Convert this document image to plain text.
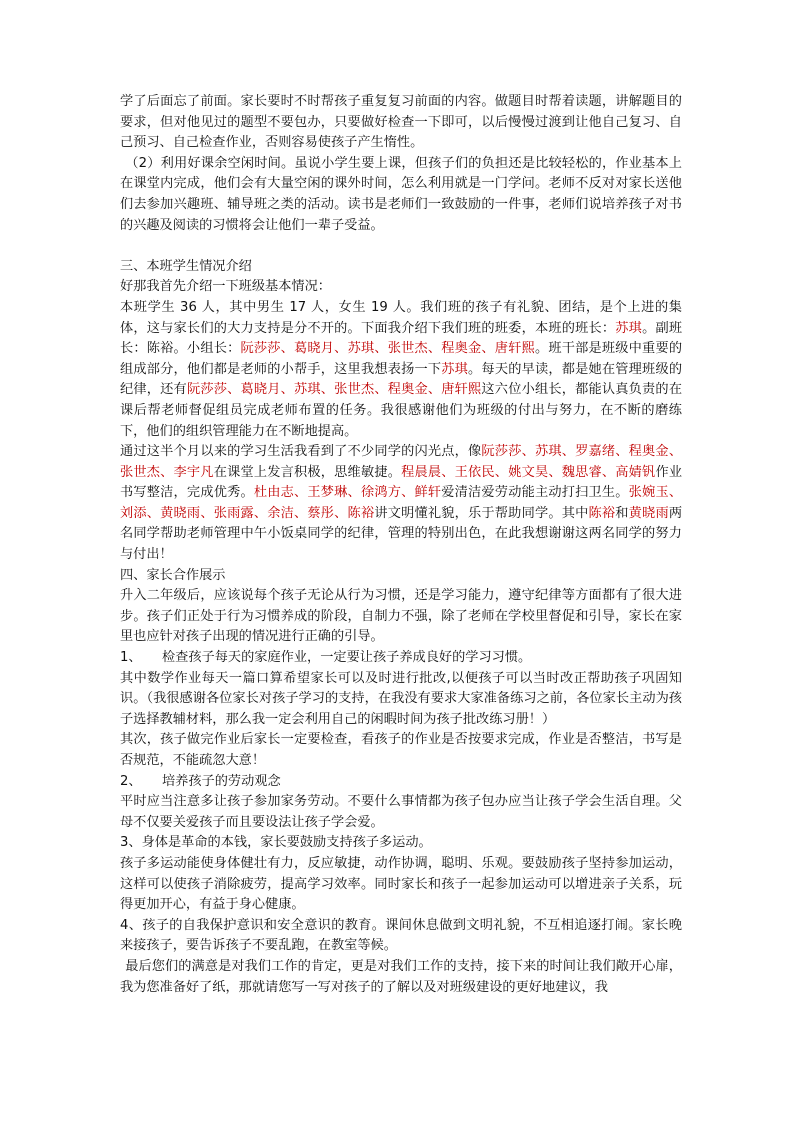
学了后面忘了前面。家长要时不时帮孩子重复复习前面的内容。做题目时帮着读题，讲解题目的要求，但对他见过的题型不要包办，只要做好检查一下即可，以后慢慢过渡到让他自己复习、自己预习、自己检查作业，否则容易使孩子产生惰性。

（2）利用好课余空闲时间。虽说小学生要上课，但孩子们的负担还是比较轻松的，作业基本上在课堂内完成，他们会有大量空闲的课外时间，怎么利用就是一门学问。老师不反对对家长送他们去参加兴趣班、辅导班之类的活动。读书是老师们一致鼓励的一件事，老师们说培养孩子对书的兴趣及阅读的习惯将会让他们一辈子受益。

三、本班学生情况介绍

好那我首先介绍一下班级基本情况：

本班学生 36 人，其中男生 17 人，女生 19 人。我们班的孩子有礼貌、团结，是个上进的集体，这与家长们的大力支持是分不开的。下面我介绍下我们班的班委，本班的班长：苏琪。副班长：陈裕。小组长：阮莎莎、葛晓月、苏琪、张世杰、程奥金、唐轩熙。班干部是班级中重要的组成部分，他们都是老师的小帮手，这里我想表扬一下苏琪。每天的早读，都是她在管理班级的纪律，还有阮莎莎、葛晓月、苏琪、张世杰、程奥金、唐轩熙这六位小组长，都能认真负责的在课后帮老师督促组员完成老师布置的任务。我很感谢他们为班级的付出与努力，在不断的磨练下，他们的组织管理能力在不断地提高。

通过这半个月以来的学习生活我看到了不少同学的闪光点，像阮莎莎、苏琪、罗嘉绪、程奥金、张世杰、李宇凡在课堂上发言积极，思维敏捷。程晨晨、王依民、姚文昊、魏思睿、高婧钒作业书写整洁，完成优秀。杜由志、王梦琳、徐鸿方、鲜轩爱清洁爱劳动能主动打扫卫生。张婉玉、刘添、黄晓雨、张雨露、余洁、蔡彤、陈裕讲文明懂礼貌，乐于帮助同学。其中陈裕和黄晓雨两名同学帮助老师管理中午小饭桌同学的纪律，管理的特别出色，在此我想谢谢这两名同学的努力与付出！

四、家长合作展示

升入二年级后，应该说每个孩子无论从行为习惯，还是学习能力，遵守纪律等方面都有了很大进步。孩子们正处于行为习惯养成的阶段，自制力不强，除了老师在学校里督促和引导，家长在家里也应针对孩子出现的情况进行正确的引导。

1、 检查孩子每天的家庭作业，一定要让孩子养成良好的学习习惯。

其中数学作业每天一篇口算希望家长可以及时进行批改,以便孩子可以当时改正帮助孩子巩固知识。（我很感谢各位家长对孩子学习的支持，在我没有要求大家准备练习之前，各位家长主动为孩子选择教辅材料，那么我一定会利用自己的闲暇时间为孩子批改练习册！）

其次，孩子做完作业后家长一定要检查，看孩子的作业是否按要求完成，作业是否整洁，书写是否规范，不能疏忽大意！

2、 培养孩子的劳动观念

平时应当注意多让孩子参加家务劳动。不要什么事情都为孩子包办应当让孩子学会生活自理。父母不仅要关爱孩子而且要设法让孩子学会爱。

3、身体是革命的本钱，家长要鼓励支持孩子多运动。

孩子多运动能使身体健壮有力，反应敏捷，动作协调，聪明、乐观。要鼓励孩子坚持参加运动，这样可以使孩子消除疲劳，提高学习效率。同时家长和孩子一起参加运动可以增进亲子关系，玩得更加开心，有益于身心健康。

4、孩子的自我保护意识和安全意识的教育。课间休息做到文明礼貌，不互相追逐打闹。家长晚来接孩子，要告诉孩子不要乱跑，在教室等候。

最后您们的满意是对我们工作的肯定，更是对我们工作的支持，接下来的时间让我们敞开心扉，我为您准备好了纸，那就请您写一写对孩子的了解以及对班级建设的更好地建议，我
